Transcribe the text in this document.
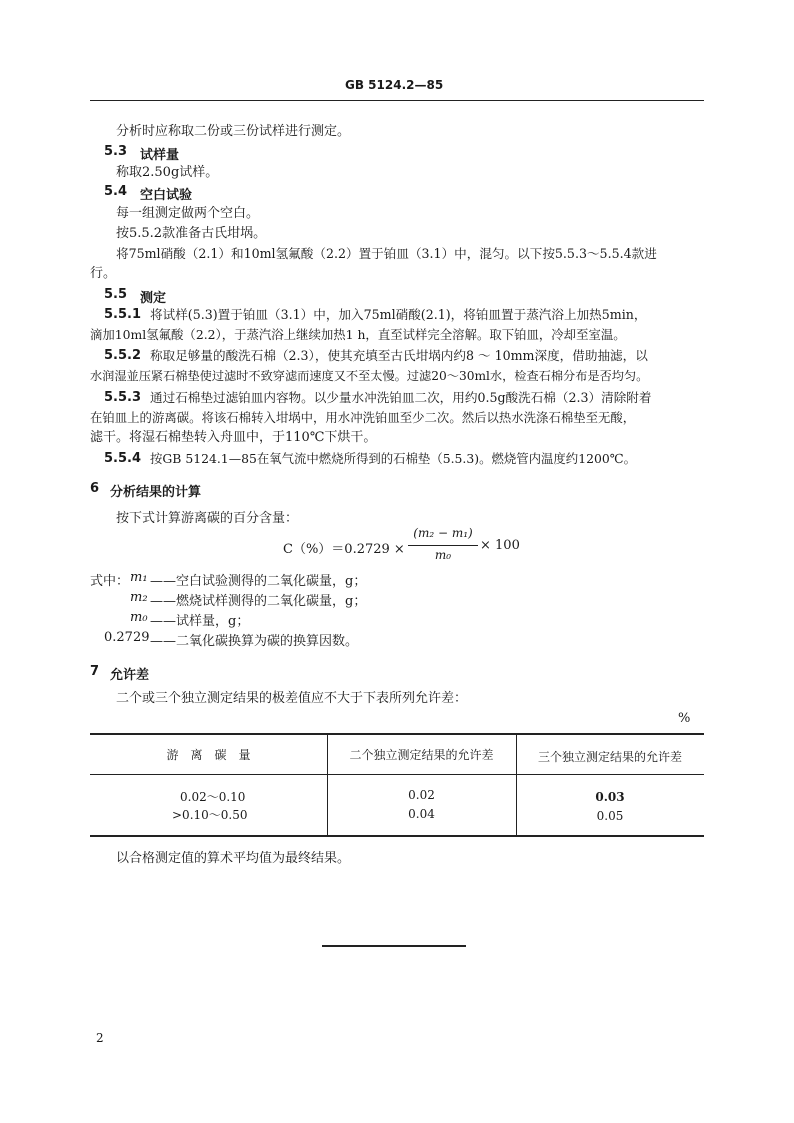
GB 5124.2—85
分析时应称取二份或三份试样进行测定。
5.3 试样量
称取2.50g试样。
5.4 空白试验
每一组测定做两个空白。
按5.5.2款准备古氏坩埚。
将75ml硝酸（2.1）和10ml氢氟酸（2.2）置于铂皿（3.1）中，混匀。以下按5.5.3～5.5.4款进
行。
5.5 测定
5.5.1 将试样(5.3)置于铂皿（3.1）中，加入75ml硝酸(2.1)，将铂皿置于蒸汽浴上加热5min，
滴加10ml氢氟酸（2.2），于蒸汽浴上继续加热1 h，直至试样完全溶解。取下铂皿，冷却至室温。
5.5.2 称取足够量的酸洗石棉（2.3），使其充填至古氏坩埚内约8 ～ 10mm深度，借助抽滤，以
水润湿並压紧石棉垫使过滤时不致穿滤而速度又不至太慢。过滤20～30ml水，检查石棉分布是否均匀。
5.5.3 通过石棉垫过滤铂皿内容物。以少量水冲洗铂皿二次，用约0.5g酸洗石棉（2.3）清除附着
在铂皿上的游离碳。将该石棉转入坩埚中，用水冲洗铂皿至少二次。然后以热水洗涤石棉垫至无酸，
滤干。将湿石棉垫转入舟皿中，于110℃下烘干。
5.5.4 按GB 5124.1—85在氧气流中燃烧所得到的石棉垫（5.5.3)。燃烧管内温度约1200℃。
6 分析结果的计算
按下式计算游离碳的百分含量：
C（%）＝0.2729 ×
(m₂ − m₁)
m₀
× 100
式中： m₁ ——空白试验测得的二氧化碳量，g；
m₂ ——燃烧试样测得的二氧化碳量，g；
m₀ ——试样量，g；
0.2729 ——二氧化碳换算为碳的换算因数。
7 允许差
二个或三个独立测定结果的极差值应不大于下表所列允许差：
%
游　离　碳　量	二个独立测定结果的允许差	三个独立测定结果的允许差
0.02～0.10	0.02	0.03
>0.10～0.50	0.04	0.05
以合格测定值的算术平均值为最终结果。
2
